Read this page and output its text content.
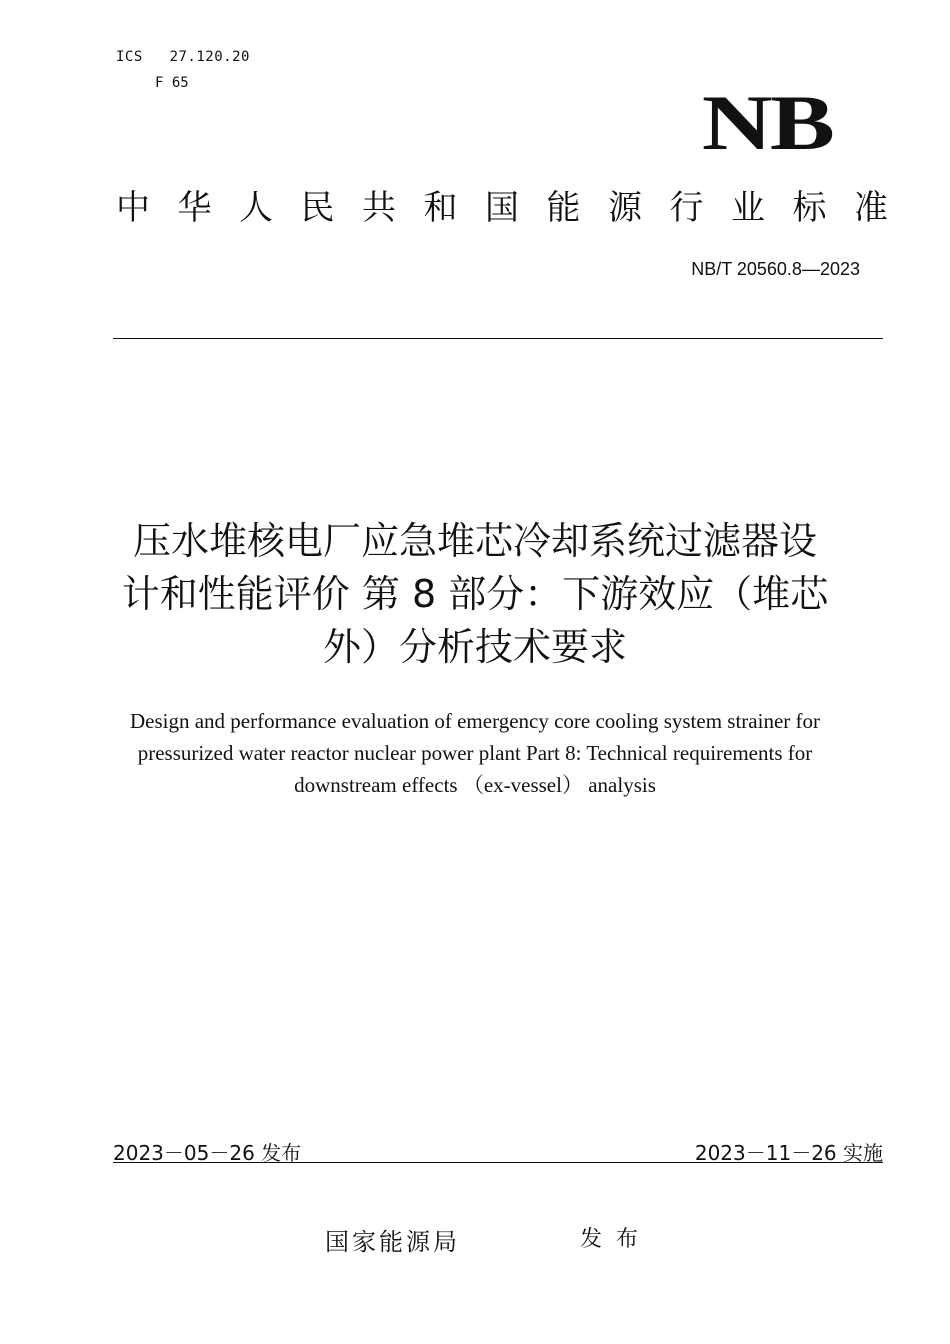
ICS   27.120.20
F 65	NB
中 华 人 民 共 和 国 能 源 行 业 标 准
NB/T 20560.8—2023
压水堆核电厂应急堆芯冷却系统过滤器设
计和性能评价 第 8 部分：下游效应（堆芯
外）分析技术要求
Design and performance evaluation of emergency core cooling system strainer for
pressurized water reactor nuclear power plant Part 8: Technical requirements for
downstream effects （ex-vessel） analysis
2023－05－26 发布	2023－11－26 实施
国家能源局	发布
